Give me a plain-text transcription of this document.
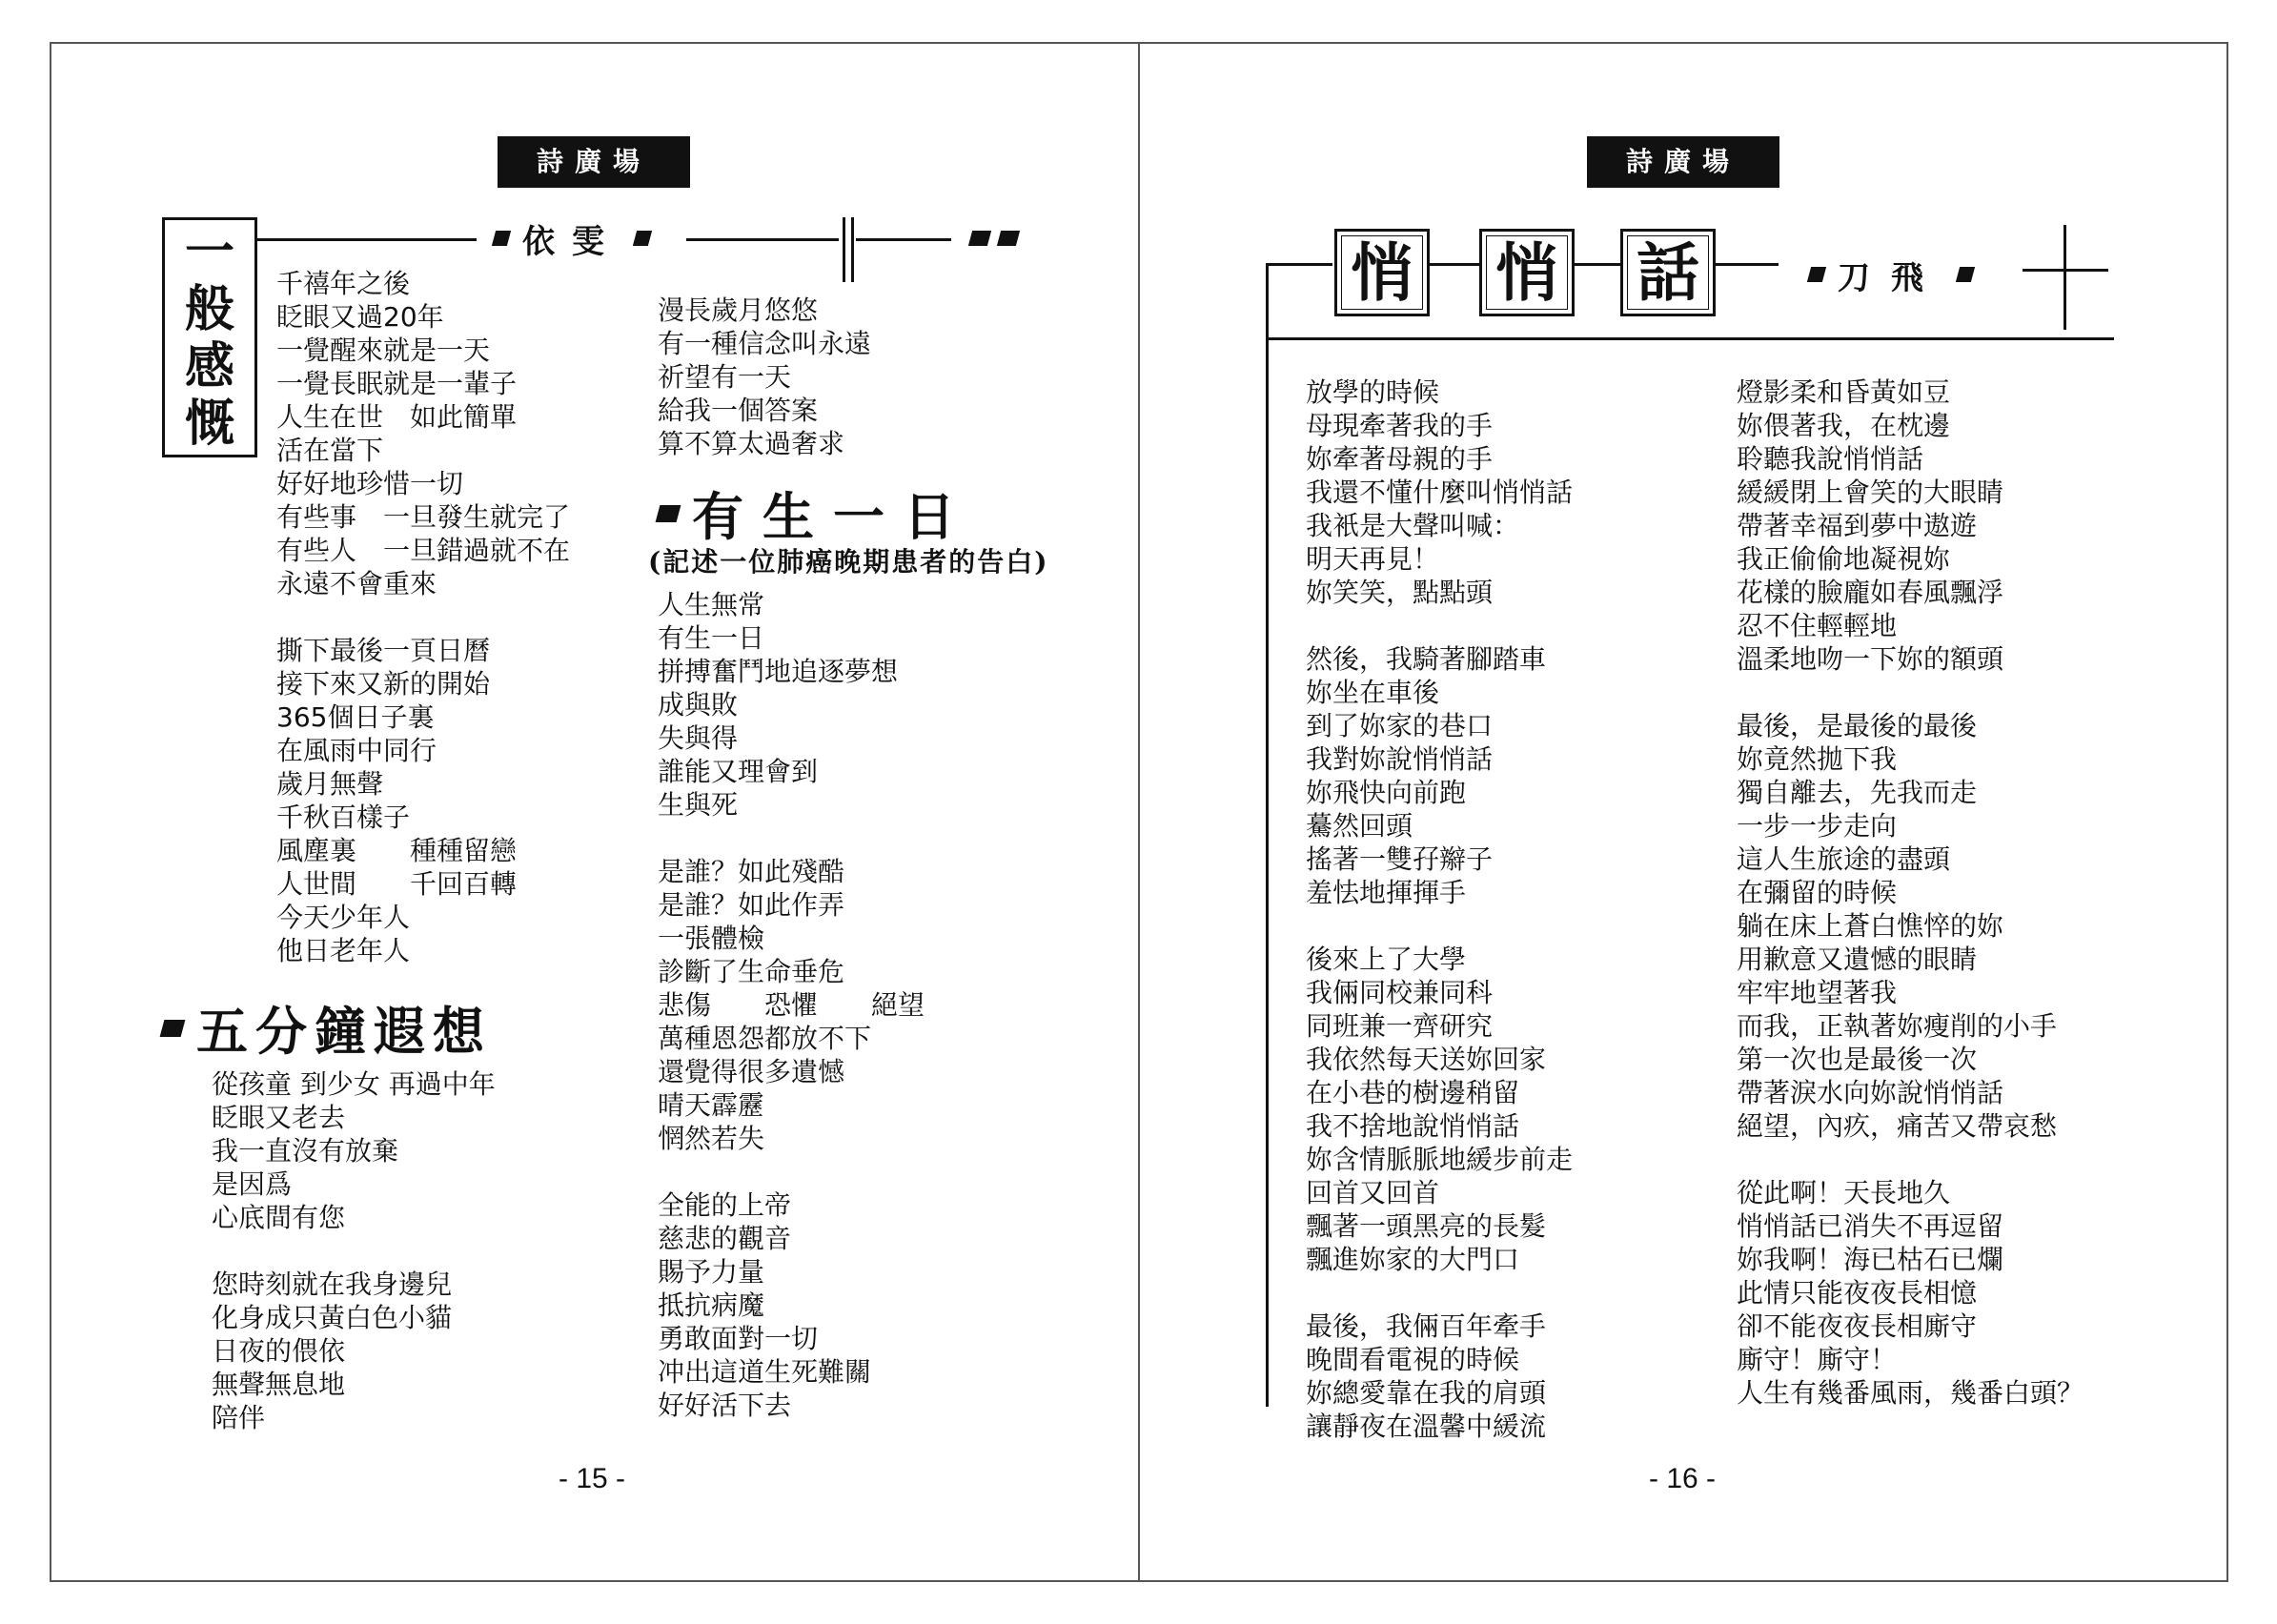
詩廣場
一
般
感
慨
依雯
千禧年之後
眨眼又過20年
一覺醒來就是一天
一覺長眠就是一輩子
人生在世　如此簡單
活在當下
好好地珍惜一切
有些事　一旦發生就完了
有些人　一旦錯過就不在
永遠不會重來
撕下最後一頁日曆
接下來又新的開始
365個日子裏
在風雨中同行
歲月無聲
千秋百樣子
風塵裏　　種種留戀
人世間　　千回百轉
今天少年人
他日老年人
漫長歲月悠悠
有一種信念叫永遠
祈望有一天
給我一個答案
算不算太過奢求
有生一日
(記述一位肺癌晚期患者的告白)
人生無常
有生一日
拼搏奮鬥地追逐夢想
成與敗
失與得
誰能又理會到
生與死
是誰？如此殘酷
是誰？如此作弄
一張體檢
診斷了生命垂危
悲傷　　恐懼　　絕望
萬種恩怨都放不下
還覺得很多遺憾
晴天霹靂
惘然若失
全能的上帝
慈悲的觀音
賜予力量
抵抗病魔
勇敢面對一切
冲出這道生死難關
好好活下去
五分鐘遐想
從孩童 到少女 再過中年
眨眼又老去
我一直沒有放棄
是因爲
心底間有您
您時刻就在我身邊兒
化身成只黃白色小貓
日夜的偎依
無聲無息地
陪伴
- 15 -
詩廣場
悄 悄 話	刀飛
放學的時候
母現牽著我的手
妳牽著母親的手
我還不懂什麼叫悄悄話
我衹是大聲叫喊：
明天再見！
妳笑笑，點點頭
然後，我騎著腳踏車
妳坐在車後
到了妳家的巷口
我對妳說悄悄話
妳飛快向前跑
驀然回頭
搖著一雙孖辮子
羞怯地揮揮手
後來上了大學
我倆同校兼同科
同班兼一齊研究
我依然每天送妳回家
在小巷的樹邊稍留
我不捨地說悄悄話
妳含情脈脈地緩步前走
回首又回首
飄著一頭黑亮的長髮
飄進妳家的大門口
最後，我倆百年牽手
晚間看電視的時候
妳總愛靠在我的肩頭
讓靜夜在溫馨中緩流
燈影柔和昏黃如豆
妳偎著我，在枕邊
聆聽我說悄悄話
緩緩閉上會笑的大眼睛
帶著幸福到夢中遨遊
我正偷偷地凝視妳
花樣的臉龐如春風飄浮
忍不住輕輕地
溫柔地吻一下妳的額頭
最後，是最後的最後
妳竟然拋下我
獨自離去，先我而走
一步一步走向
這人生旅途的盡頭
在彌留的時候
躺在床上蒼白憔悴的妳
用歉意又遺憾的眼睛
牢牢地望著我
而我，正執著妳瘦削的小手
第一次也是最後一次
帶著淚水向妳說悄悄話
絕望，內疚，痛苦又帶哀愁
從此啊！天長地久
悄悄話已消失不再逗留
妳我啊！海已枯石已爛
此情只能夜夜長相憶
卻不能夜夜長相廝守
廝守！廝守！
人生有幾番風雨，幾番白頭？
- 16 -
